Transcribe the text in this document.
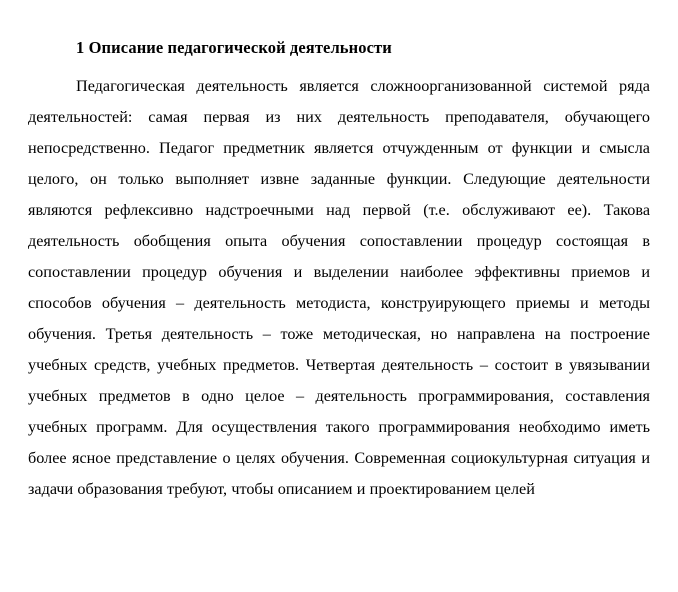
1 Описание педагогической деятельности

Педагогическая деятельность является сложноорганизованной системой ряда деятельностей: самая первая из них деятельность преподавателя, обучающего непосредственно. Педагог предметник является отчужденным от функции и смысла целого, он только выполняет извне заданные функции. Следующие деятельности являются рефлексивно надстроечными над первой (т.е. обслуживают ее). Такова деятельность обобщения опыта обучения сопоставлении процедур состоящая в сопоставлении процедур обучения и выделении наиболее эффективны приемов и способов обучения – деятельность методиста, конструирующего приемы и методы обучения. Третья деятельность – тоже методическая, но направлена на построение учебных средств, учебных предметов. Четвертая деятельность – состоит в увязывании учебных предметов в одно целое – деятельность программирования, составления учебных программ. Для осуществления такого программирования необходимо иметь более ясное представление о целях обучения. Современная социокультурная ситуация и задачи образования требуют, чтобы описанием и проектированием целей
